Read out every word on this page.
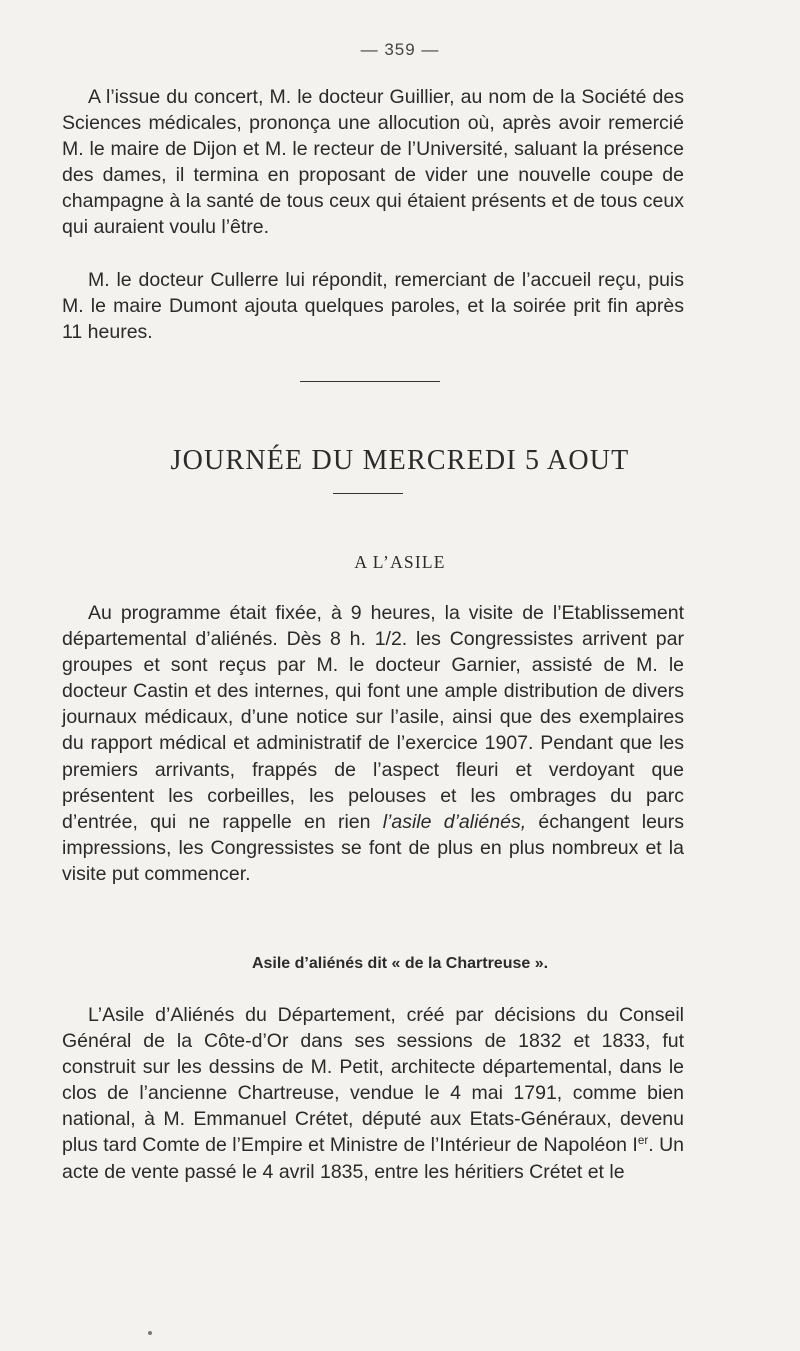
— 359 —

A l’issue du concert, M. le docteur Guillier, au nom de la Société des Sciences médicales, prononça une allocution où, après avoir remercié M. le maire de Dijon et M. le recteur de l’Université, saluant la présence des dames, il termina en proposant de vider une nouvelle coupe de champagne à la santé de tous ceux qui étaient présents et de tous ceux qui auraient voulu l’être.

M. le docteur Cullerre lui répondit, remerciant de l’accueil reçu, puis M. le maire Dumont ajouta quelques paroles, et la soirée prit fin après 11 heures.

JOURNÉE DU MERCREDI 5 AOUT
A L’ASILE

Au programme était fixée, à 9 heures, la visite de l’Etablissement départemental d’aliénés. Dès 8 h. 1/2. les Congressistes arrivent par groupes et sont reçus par M. le docteur Garnier, assisté de M. le docteur Castin et des internes, qui font une ample distribution de divers journaux médicaux, d’une notice sur l’asile, ainsi que des exemplaires du rapport médical et administratif de l’exercice 1907. Pendant que les premiers arrivants, frappés de l’aspect fleuri et verdoyant que présentent les corbeilles, les pelouses et les ombrages du parc d’entrée, qui ne rappelle en rien l’asile d’aliénés, échangent leurs impressions, les Congressistes se font de plus en plus nombreux et la visite put commencer.

Asile d’aliénés dit « de la Chartreuse ».

L’Asile d’Aliénés du Département, créé par décisions du Conseil Général de la Côte-d’Or dans ses sessions de 1832 et 1833, fut construit sur les dessins de M. Petit, architecte départemental, dans le clos de l’ancienne Chartreuse, vendue le 4 mai 1791, comme bien national, à M. Emmanuel Crétet, député aux Etats-Généraux, devenu plus tard Comte de l’Empire et Ministre de l’Intérieur de Napoléon Ier. Un acte de vente passé le 4 avril 1835, entre les héritiers Crétet et le
